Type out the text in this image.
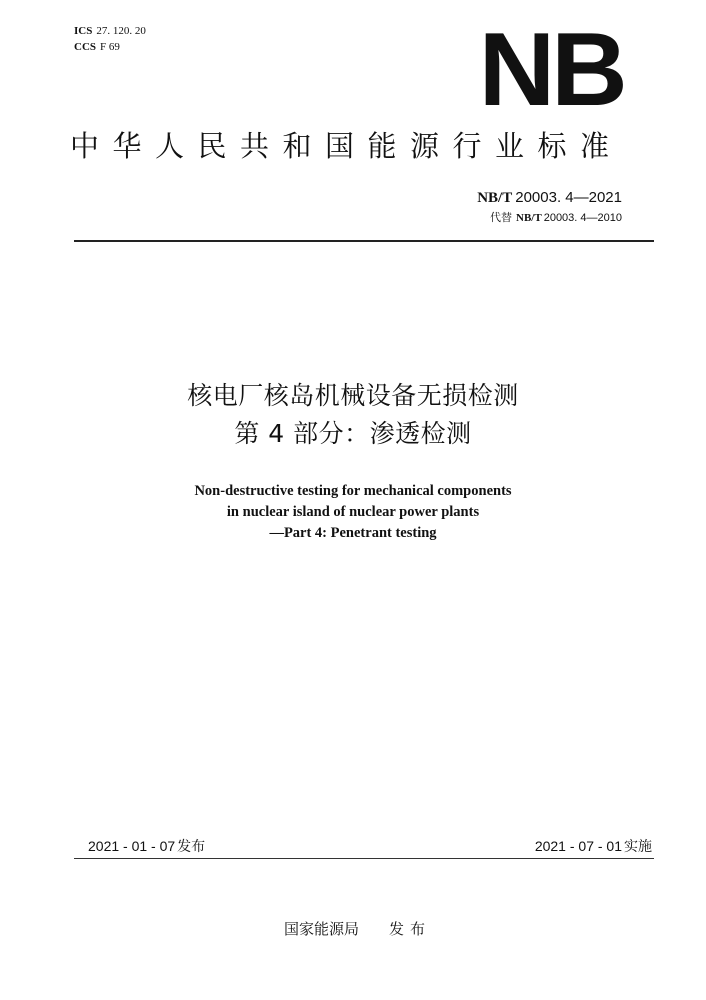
ICS 27. 120. 20
CCS F 69	NB
中华人民共和国能源行业标准
NB/T 20003. 4—2021
代替 NB/T 20003. 4—2010
核电厂核岛机械设备无损检测
第 4 部分：渗透检测
Non-destructive testing for mechanical components
in nuclear island of nuclear power plants
—Part 4: Penetrant testing
2021 - 01 - 07 发布	2021 - 07 - 01 实施
国家能源局 发布
